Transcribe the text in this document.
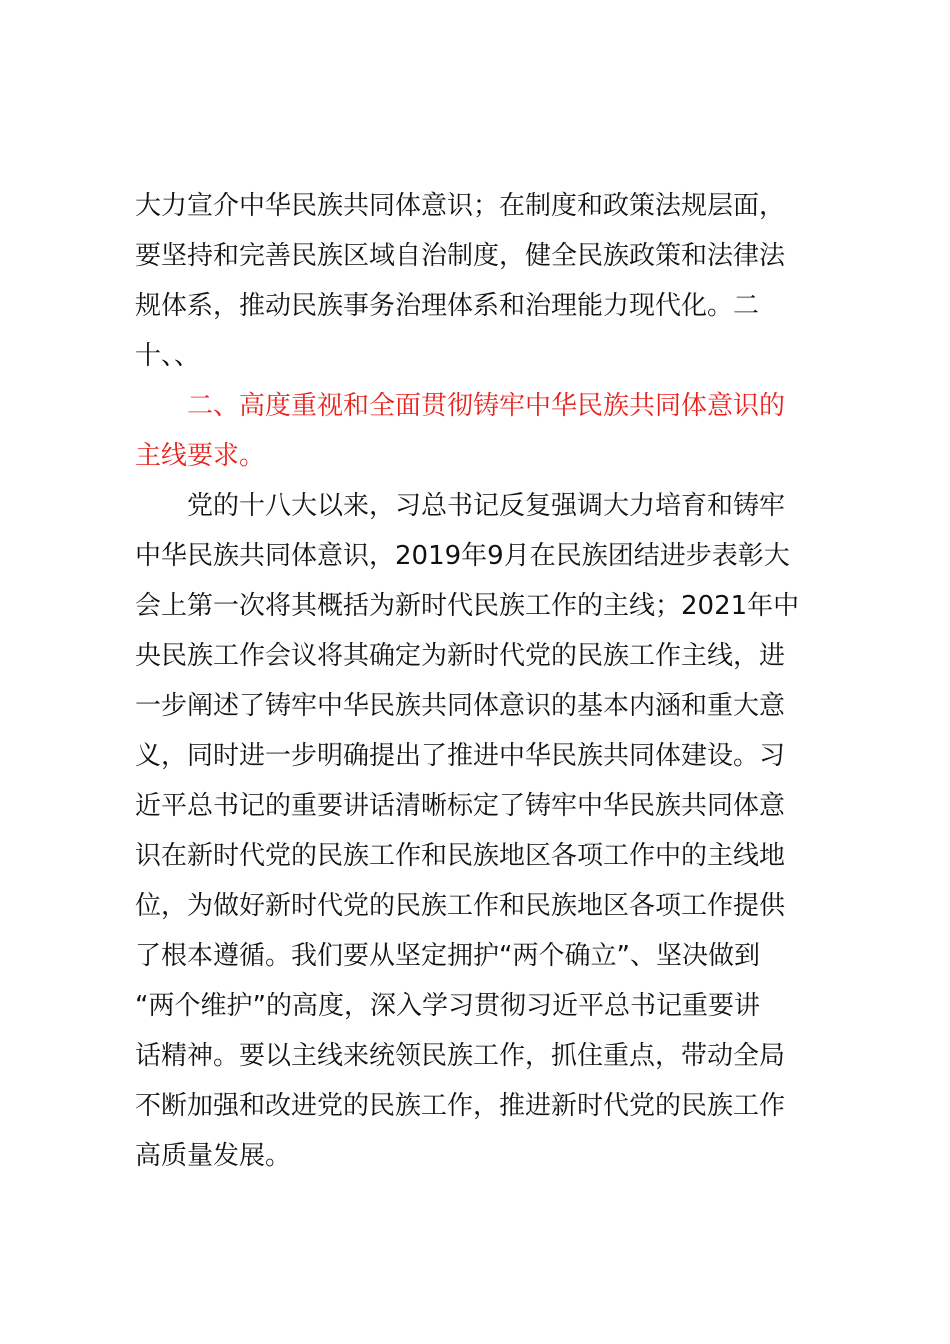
大力宣介中华民族共同体意识；在制度和政策法规层面，
要坚持和完善民族区域自治制度，健全民族政策和法律法
规体系，推动民族事务治理体系和治理能力现代化。二
十、、
二、高度重视和全面贯彻铸牢中华民族共同体意识的
主线要求。
党的十八大以来，习总书记反复强调大力培育和铸牢
中华民族共同体意识，2019年9月在民族团结进步表彰大
会上第一次将其概括为新时代民族工作的主线；2021年中
央民族工作会议将其确定为新时代党的民族工作主线，进
一步阐述了铸牢中华民族共同体意识的基本内涵和重大意
义，同时进一步明确提出了推进中华民族共同体建设。习
近平总书记的重要讲话清晰标定了铸牢中华民族共同体意
识在新时代党的民族工作和民族地区各项工作中的主线地
位，为做好新时代党的民族工作和民族地区各项工作提供
了根本遵循。我们要从坚定拥护“两个确立”、坚决做到
“两个维护”的高度，深入学习贯彻习近平总书记重要讲
话精神。要以主线来统领民族工作，抓住重点，带动全局
不断加强和改进党的民族工作，推进新时代党的民族工作
高质量发展。
